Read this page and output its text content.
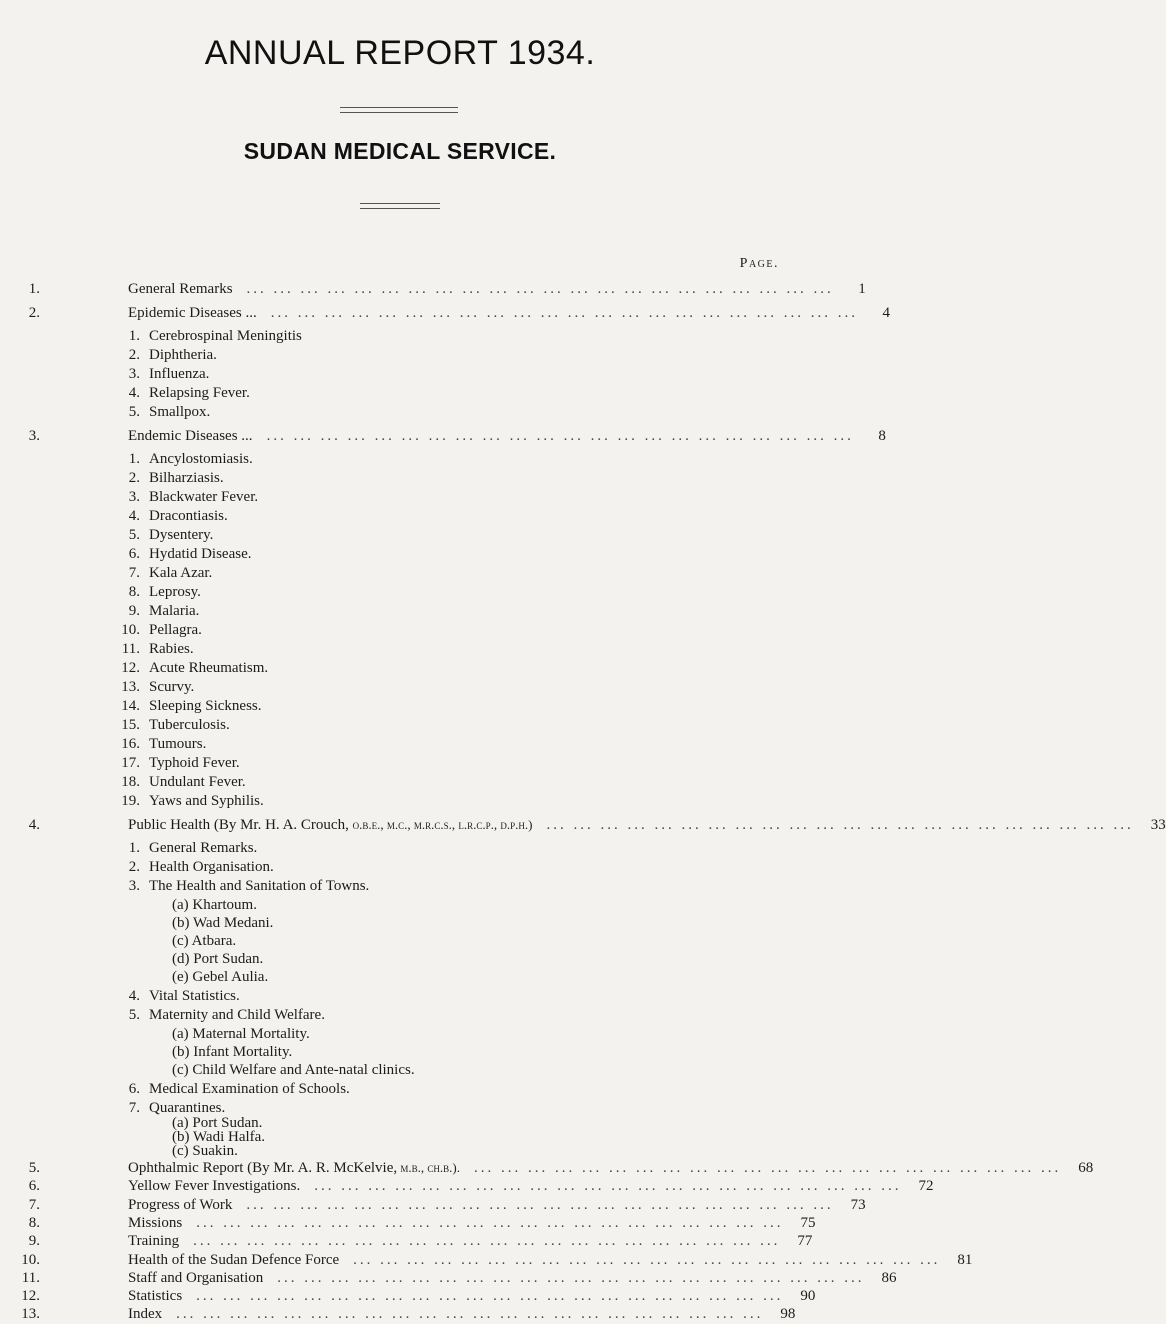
ANNUAL REPORT 1934.
SUDAN MEDICAL SERVICE.
Page.
1.	General Remarks ... ... ... ... ... ... ... ... ... ... ... ... ... ... ... ... ... ... ... ... ... ...	1
2.	Epidemic Diseases ... ... ... ... ... ... ... ... ... ... ... ... ... ... ... ... ... ... ... ... ... ... ...	4
1. Cerebrospinal Meningitis
2. Diphtheria.
3. Influenza.
4. Relapsing Fever.
5. Smallpox.
3.	Endemic Diseases ... ... ... ... ... ... ... ... ... ... ... ... ... ... ... ... ... ... ... ... ... ... ...	8
1. Ancylostomiasis.
2. Bilharziasis.
3. Blackwater Fever.
4. Dracontiasis.
5. Dysentery.
6. Hydatid Disease.
7. Kala Azar.
8. Leprosy.
9. Malaria.
10. Pellagra.
11. Rabies.
12. Acute Rheumatism.
13. Scurvy.
14. Sleeping Sickness.
15. Tuberculosis.
16. Tumours.
17. Typhoid Fever.
18. Undulant Fever.
19. Yaws and Syphilis.
4.	Public Health (By Mr. H. A. Crouch, o.b.e., m.c., m.r.c.s., l.r.c.p., d.p.h.) ... ... ... ... ... ... ... ... ... ... ... ... ... ... ... ... ... ... ... ... ... ...	33
1. General Remarks.
2. Health Organisation.
3. The Health and Sanitation of Towns.
(a) Khartoum.
(b) Wad Medani.
(c) Atbara.
(d) Port Sudan.
(e) Gebel Aulia.
4. Vital Statistics.
5. Maternity and Child Welfare.
(a) Maternal Mortality.
(b) Infant Mortality.
(c) Child Welfare and Ante-natal clinics.
6. Medical Examination of Schools.
7. Quarantines.
(a) Port Sudan.
(b) Wadi Halfa.
(c) Suakin.
5.	Ophthalmic Report (By Mr. A. R. McKelvie, m.b., ch.b.). ... ... ... ... ... ... ... ... ... ... ... ... ... ... ... ... ... ... ... ... ... ...	68
6.	Yellow Fever Investigations. ... ... ... ... ... ... ... ... ... ... ... ... ... ... ... ... ... ... ... ... ... ...	72
7.	Progress of Work ... ... ... ... ... ... ... ... ... ... ... ... ... ... ... ... ... ... ... ... ... ...	73
8.	Missions ... ... ... ... ... ... ... ... ... ... ... ... ... ... ... ... ... ... ... ... ... ...	75
9.	Training ... ... ... ... ... ... ... ... ... ... ... ... ... ... ... ... ... ... ... ... ... ...	77
10.	Health of the Sudan Defence Force ... ... ... ... ... ... ... ... ... ... ... ... ... ... ... ... ... ... ... ... ... ...	81
11.	Staff and Organisation ... ... ... ... ... ... ... ... ... ... ... ... ... ... ... ... ... ... ... ... ... ...	86
12.	Statistics ... ... ... ... ... ... ... ... ... ... ... ... ... ... ... ... ... ... ... ... ... ...	90
13.	Index ... ... ... ... ... ... ... ... ... ... ... ... ... ... ... ... ... ... ... ... ... ...	98
